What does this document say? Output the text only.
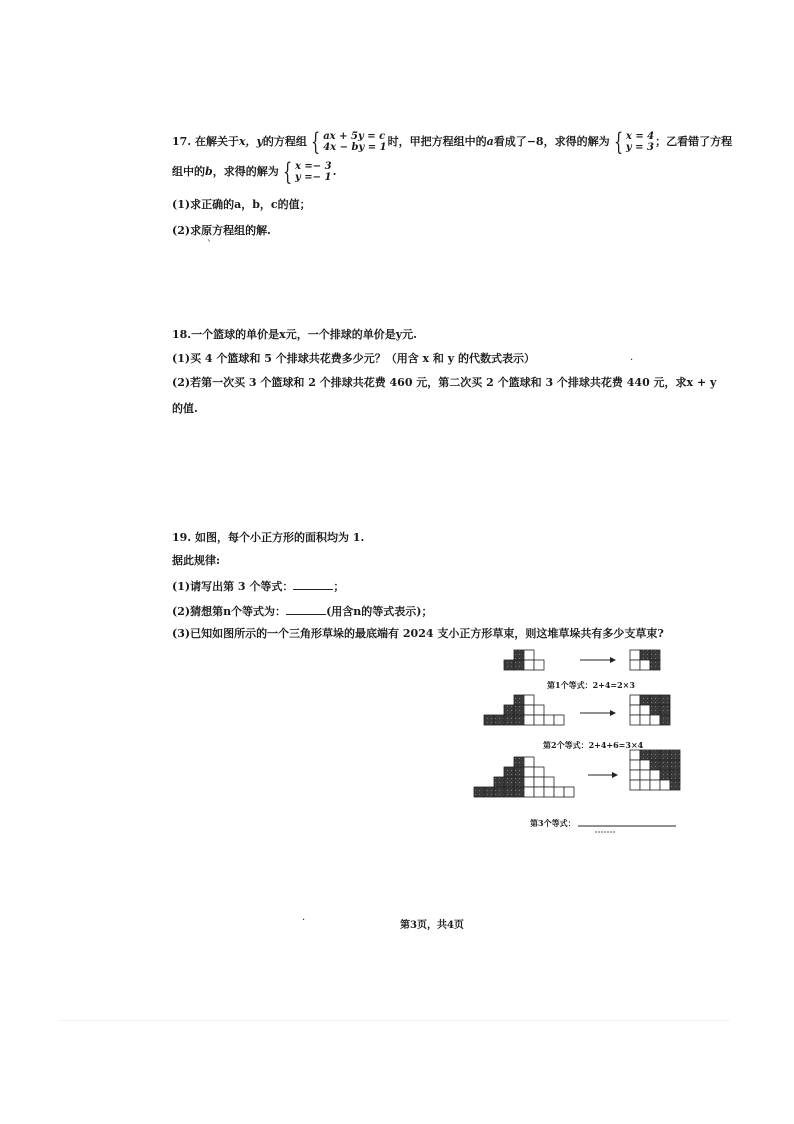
17. 在解关于x，y的方程组 { ax + 5y = c
4x − by = 1时，甲把方程组中的a看成了−8，求得的解为 { x = 4
y = 3；乙看错了方程
组中的b，求得的解为 { x =− 3
y =− 1.
(1)求正确的a，b，c的值；
(2)求原方程组的解.
`
18.一个篮球的单价是x元，一个排球的单价是y元.
(1)买 4 个篮球和 5 个排球共花费多少元？（用含 x 和 y 的代数式表示）
(2)若第一次买 3 个篮球和 2 个排球共花费 460 元，第二次买 2 个篮球和 3 个排球共花费 440 元，求x + y
的值.
19. 如图，每个小正方形的面积均为 1.
据此规律:
(1)请写出第 3 个等式：	；
(2)猜想第n个等式为：	(用含n的等式表示)；
(3)已知如图所示的一个三角形草垛的最底端有 2024 支小正方形草束，则这堆草垛共有多少支草束?
第1个等式：2+4=2×3
第2个等式：2+4+6=3×4
第3个等式：
.
.
第3页，共4页
